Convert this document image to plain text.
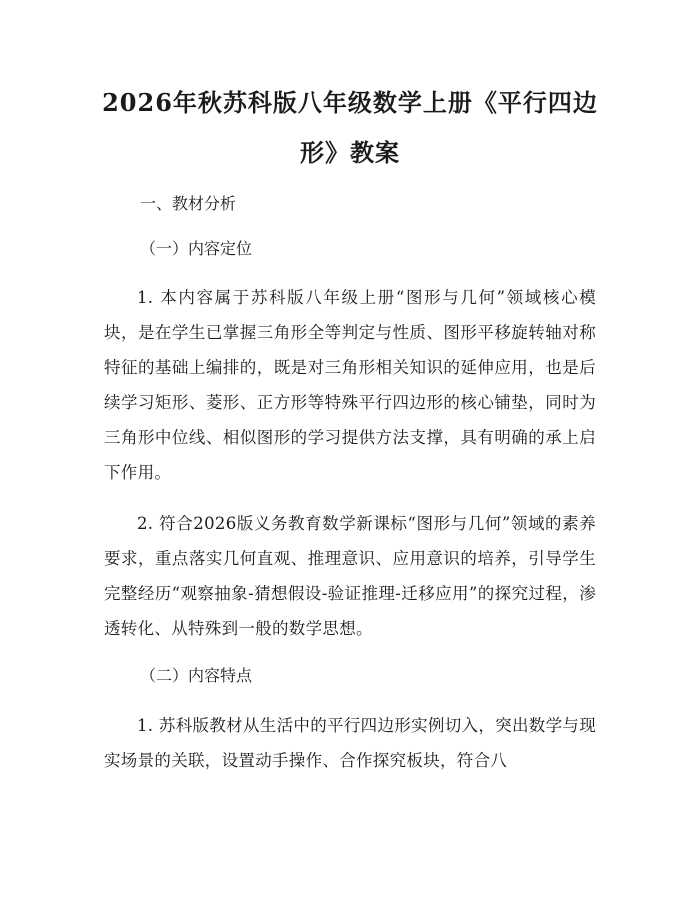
2026年秋苏科版八年级数学上册《平行四边形》教案

一、教材分析

（一）内容定位

1. 本内容属于苏科版八年级上册“图形与几何”领域核心模块，是在学生已掌握三角形全等判定与性质、图形平移旋转轴对称特征的基础上编排的，既是对三角形相关知识的延伸应用，也是后续学习矩形、菱形、正方形等特殊平行四边形的核心铺垫，同时为三角形中位线、相似图形的学习提供方法支撑，具有明确的承上启下作用。

2. 符合2026版义务教育数学新课标“图形与几何”领域的素养要求，重点落实几何直观、推理意识、应用意识的培养，引导学生完整经历“观察抽象-猜想假设-验证推理-迁移应用”的探究过程，渗透转化、从特殊到一般的数学思想。

（二）内容特点

1. 苏科版教材从生活中的平行四边形实例切入，突出数学与现实场景的关联，设置动手操作、合作探究板块，符合八
